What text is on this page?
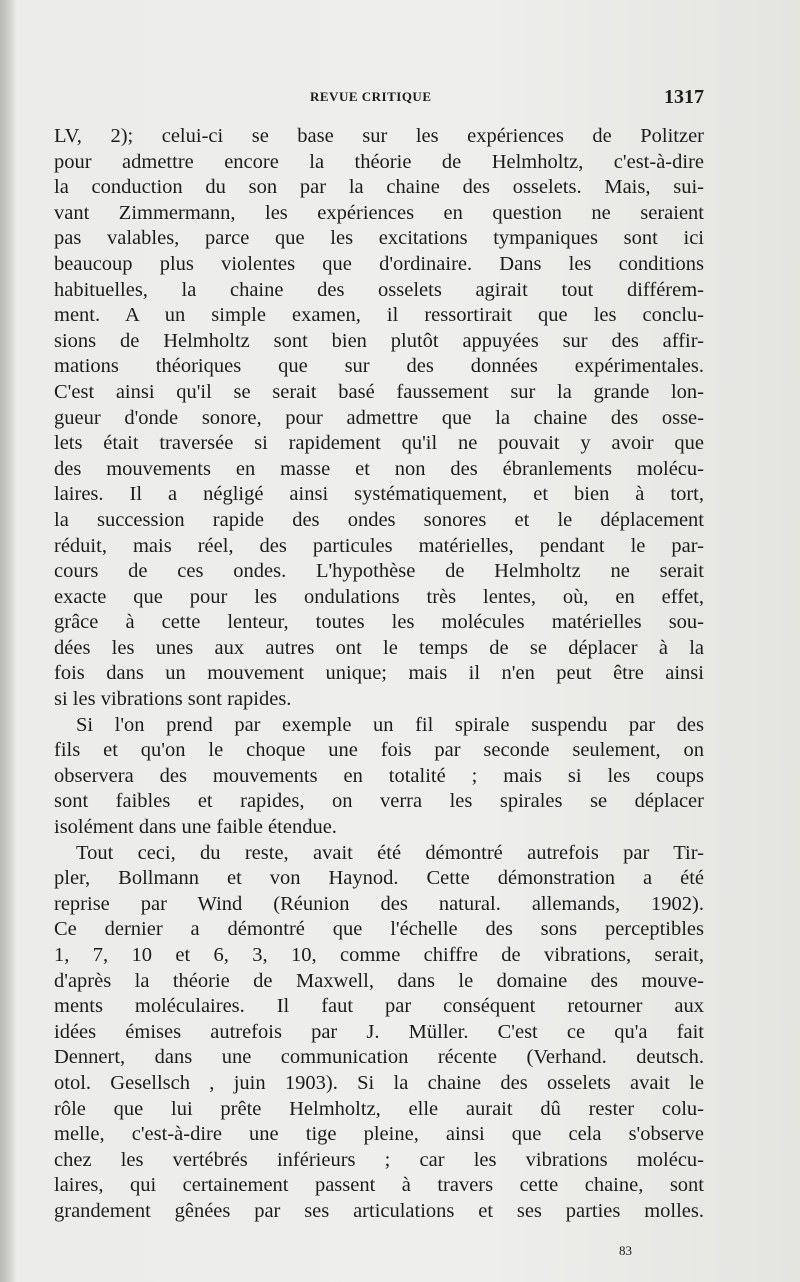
REVUE CRITIQUE	1317
LV, 2); celui-ci se base sur les expériences de Politzer
pour admettre encore la théorie de Helmholtz, c'est-à-dire
la conduction du son par la chaine des osselets. Mais, sui-
vant Zimmermann, les expériences en question ne seraient
pas valables, parce que les excitations tympaniques sont ici
beaucoup plus violentes que d'ordinaire. Dans les conditions
habituelles, la chaine des osselets agirait tout différem-
ment. A un simple examen, il ressortirait que les conclu-
sions de Helmholtz sont bien plutôt appuyées sur des affir-
mations théoriques que sur des données expérimentales.
C'est ainsi qu'il se serait basé faussement sur la grande lon-
gueur d'onde sonore, pour admettre que la chaine des osse-
lets était traversée si rapidement qu'il ne pouvait y avoir que
des mouvements en masse et non des ébranlements molécu-
laires. Il a négligé ainsi systématiquement, et bien à tort,
la succession rapide des ondes sonores et le déplacement
réduit, mais réel, des particules matérielles, pendant le par-
cours de ces ondes. L'hypothèse de Helmholtz ne serait
exacte que pour les ondulations très lentes, où, en effet,
grâce à cette lenteur, toutes les molécules matérielles sou-
dées les unes aux autres ont le temps de se déplacer à la
fois dans un mouvement unique; mais il n'en peut être ainsi
si les vibrations sont rapides.
Si l'on prend par exemple un fil spirale suspendu par des
fils et qu'on le choque une fois par seconde seulement, on
observera des mouvements en totalité ; mais si les coups
sont faibles et rapides, on verra les spirales se déplacer
isolément dans une faible étendue.
Tout ceci, du reste, avait été démontré autrefois par Tir-
pler, Bollmann et von Haynod. Cette démonstration a été
reprise par Wind (Réunion des natural. allemands, 1902).
Ce dernier a démontré que l'échelle des sons perceptibles
1, 7, 10 et 6, 3, 10, comme chiffre de vibrations, serait,
d'après la théorie de Maxwell, dans le domaine des mouve-
ments moléculaires. Il faut par conséquent retourner aux
idées émises autrefois par J. Müller. C'est ce qu'a fait
Dennert, dans une communication récente (Verhand. deutsch.
otol. Gesellsch , juin 1903). Si la chaine des osselets avait le
rôle que lui prête Helmholtz, elle aurait dû rester colu-
melle, c'est-à-dire une tige pleine, ainsi que cela s'observe
chez les vertébrés inférieurs ; car les vibrations molécu-
laires, qui certainement passent à travers cette chaine, sont
grandement gênées par ses articulations et ses parties molles.
83
